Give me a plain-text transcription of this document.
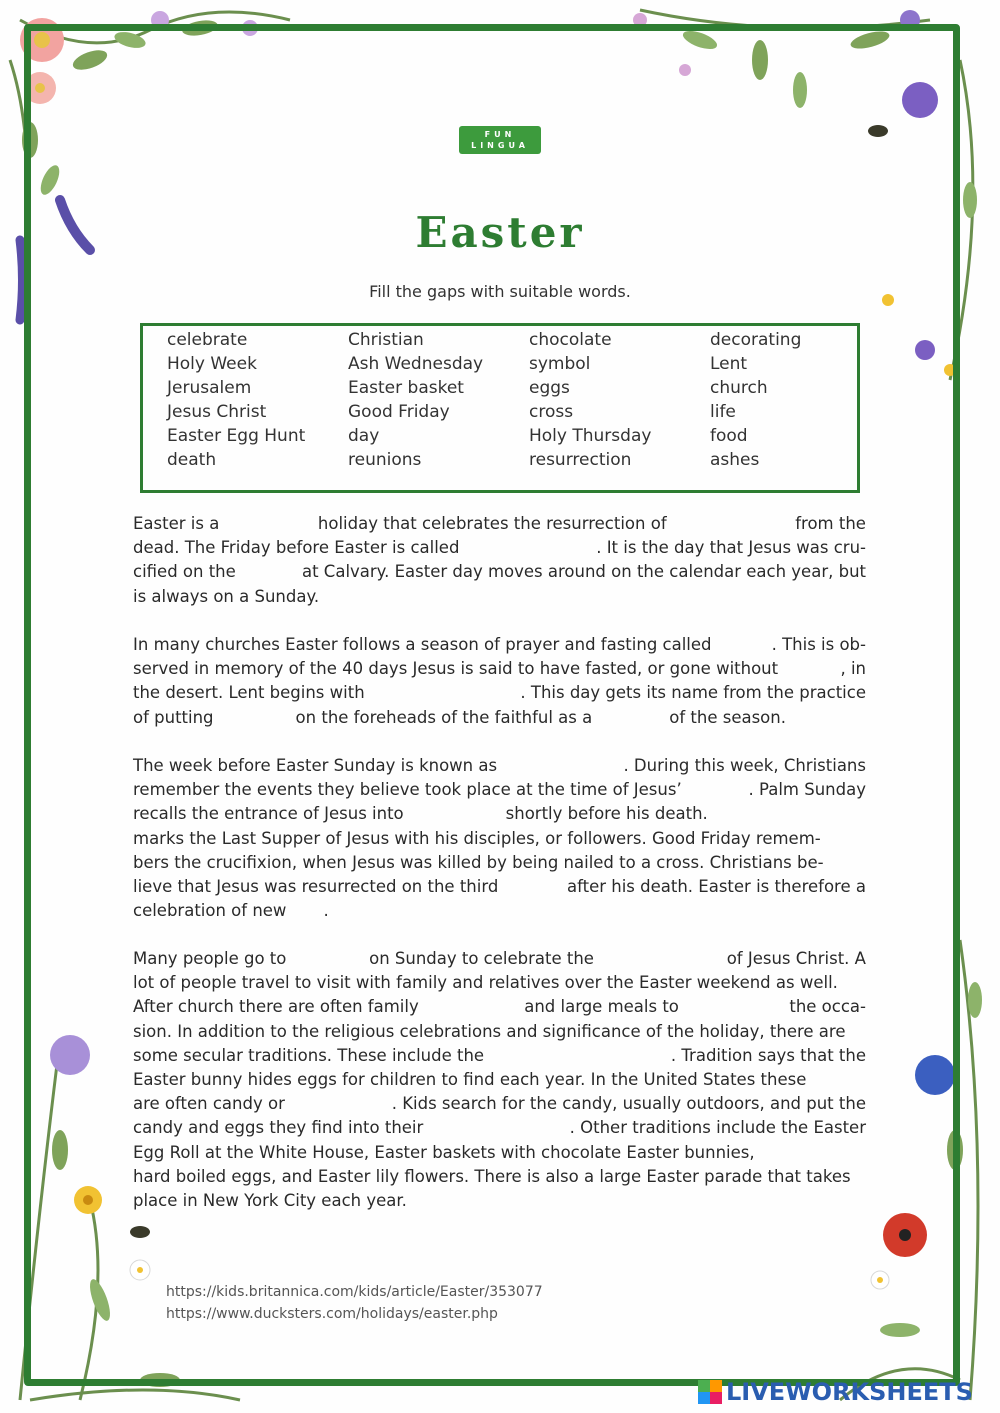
FUN
LINGUA
Easter
Fill the gaps with suitable words.
celebrate	Christian	chocolate	decorating
Holy Week	Ash Wednesday	symbol	Lent
Jerusalem	Easter basket	eggs	church
Jesus Christ	Good Friday	cross	life
Easter Egg Hunt	day	Holy Thursday	food
death	reunions	resurrection	ashes
Easter is a	holiday that celebrates the resurrection of	from the
dead. The Friday before Easter is called	. It is the day that Jesus was cru-
cified on the	at Calvary. Easter day moves around on the calendar each year, but
is always on a Sunday.
In many churches Easter follows a season of prayer and fasting called	. This is ob-
served in memory of the 40 days Jesus is said to have fasted, or gone without	, in
the desert. Lent begins with	. This day gets its name from the practice
of putting	on the foreheads of the faithful as a	of the season.
The week before Easter Sunday is known as	. During this week, Christians
remember the events they believe took place at the time of Jesus’	. Palm Sunday
recalls the entrance of Jesus into	shortly before his death.
marks the Last Supper of Jesus with his disciples, or followers. Good Friday remem-
bers the crucifixion, when Jesus was killed by being nailed to a cross. Christians be-
lieve that Jesus was resurrected on the third	after his death. Easter is therefore a
celebration of new .
Many people go to	on Sunday to celebrate the	of Jesus Christ. A
lot of people travel to visit with family and relatives over the Easter weekend as well.
After church there are often family	and large meals to	the occa-
sion. In addition to the religious celebrations and significance of the holiday, there are
some secular traditions. These include the	. Tradition says that the
Easter bunny hides eggs for children to find each year. In the United States these
are often candy or	. Kids search for the candy, usually outdoors, and put the
candy and eggs they find into their	. Other traditions include the Easter
Egg Roll at the White House, Easter baskets with chocolate Easter bunnies,
hard boiled eggs, and Easter lily flowers. There is also a large Easter parade that takes
place in New York City each year.
https://kids.britannica.com/kids/article/Easter/353077
https://www.ducksters.com/holidays/easter.php
LIVEWORKSHEETS
